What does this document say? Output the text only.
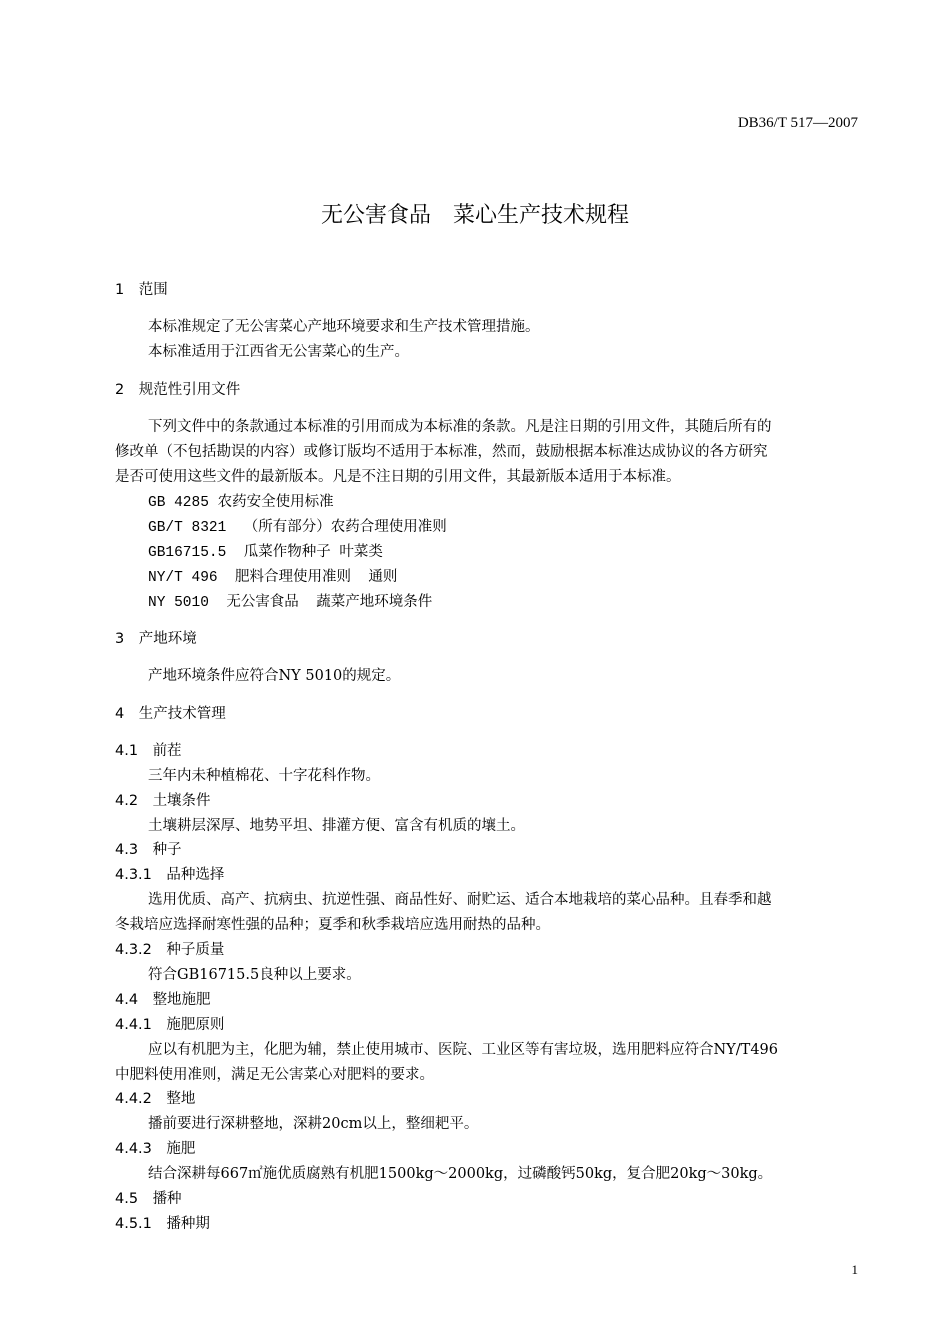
DB36/T 517—2007
无公害食品　菜心生产技术规程
1　 范围
本标准规定了无公害菜心产地环境要求和生产技术管理措施。
本标准适用于江西省无公害菜心的生产。
2　 规范性引用文件
下列文件中的条款通过本标准的引用而成为本标准的条款。凡是注日期的引用文件，其随后所有的
修改单（不包括勘误的内容）或修订版均不适用于本标准，然而，鼓励根据本标准达成协议的各方研究
是否可使用这些文件的最新版本。凡是不注日期的引用文件，其最新版本适用于本标准。
GB 4285 农药安全使用标准
GB/T 8321  （所有部分）农药合理使用准则
GB16715.5  瓜菜作物种子 叶菜类
NY/T 496  肥料合理使用准则  通则
NY 5010  无公害食品  蔬菜产地环境条件
3　 产地环境
产地环境条件应符合NY 5010的规定。
4　 生产技术管理
4.1　 前茬
三年内未种植棉花、十字花科作物。
4.2　 土壤条件
土壤耕层深厚、地势平坦、排灌方便、富含有机质的壤土。
4.3　 种子
4.3.1　 品种选择
选用优质、高产、抗病虫、抗逆性强、商品性好、耐贮运、适合本地栽培的菜心品种。且春季和越
冬栽培应选择耐寒性强的品种；夏季和秋季栽培应选用耐热的品种。
4.3.2　 种子质量
符合GB16715.5良种以上要求。
4.4　 整地施肥
4.4.1　 施肥原则
应以有机肥为主，化肥为辅，禁止使用城市、医院、工业区等有害垃圾，选用肥料应符合NY/T496
中肥料使用准则，满足无公害菜心对肥料的要求。
4.4.2　 整地
播前要进行深耕整地，深耕20cm以上，整细耙平。
4.4.3　 施肥
结合深耕每667㎡施优质腐熟有机肥1500kg～2000kg，过磷酸钙50kg，复合肥20kg～30kg。
4.5　 播种
4.5.1　 播种期
1
